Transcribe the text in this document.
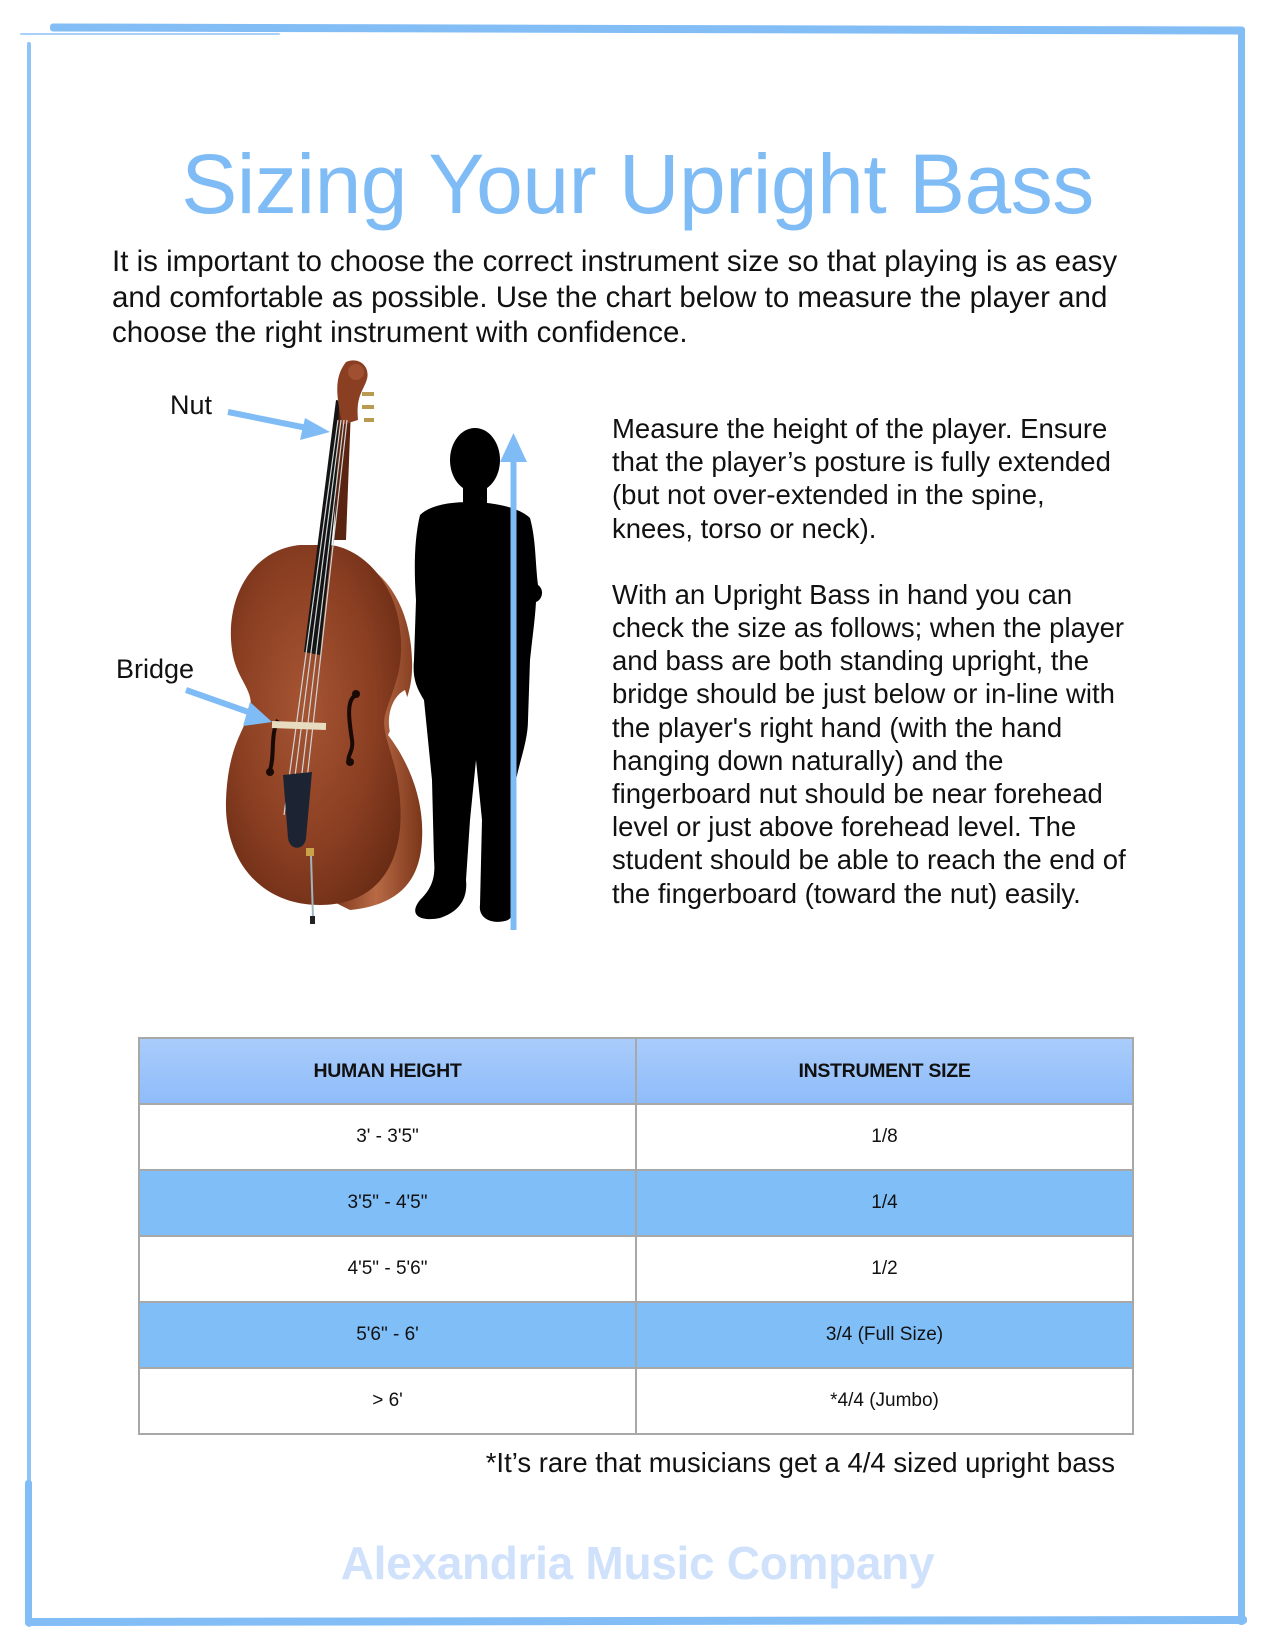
Sizing Your Upright Bass
It is important to choose the correct instrument size so that playing is as easy and comfortable as possible. Use the chart below to measure the player and choose the right instrument with confidence.
Nut
Bridge

Measure the height of the player. Ensure that the player’s posture is fully extended (but not over-extended in the spine, knees, torso or neck).

With an Upright Bass in hand you can check the size as follows; when the player and bass are both standing upright, the bridge should be just below or in-line with the player's right hand (with the hand hanging down naturally) and the fingerboard nut should be near forehead level or just above forehead level. The student should be able to reach the end of the fingerboard (toward the nut) easily.

HUMAN HEIGHT	INSTRUMENT SIZE
3' - 3'5"	1/8
3'5" - 4'5"	1/4
4'5" - 5'6"	1/2
5'6" - 6'	3/4 (Full Size)
> 6'	*4/4 (Jumbo)
*It’s rare that musicians get a 4/4 sized upright bass
Alexandria Music Company
